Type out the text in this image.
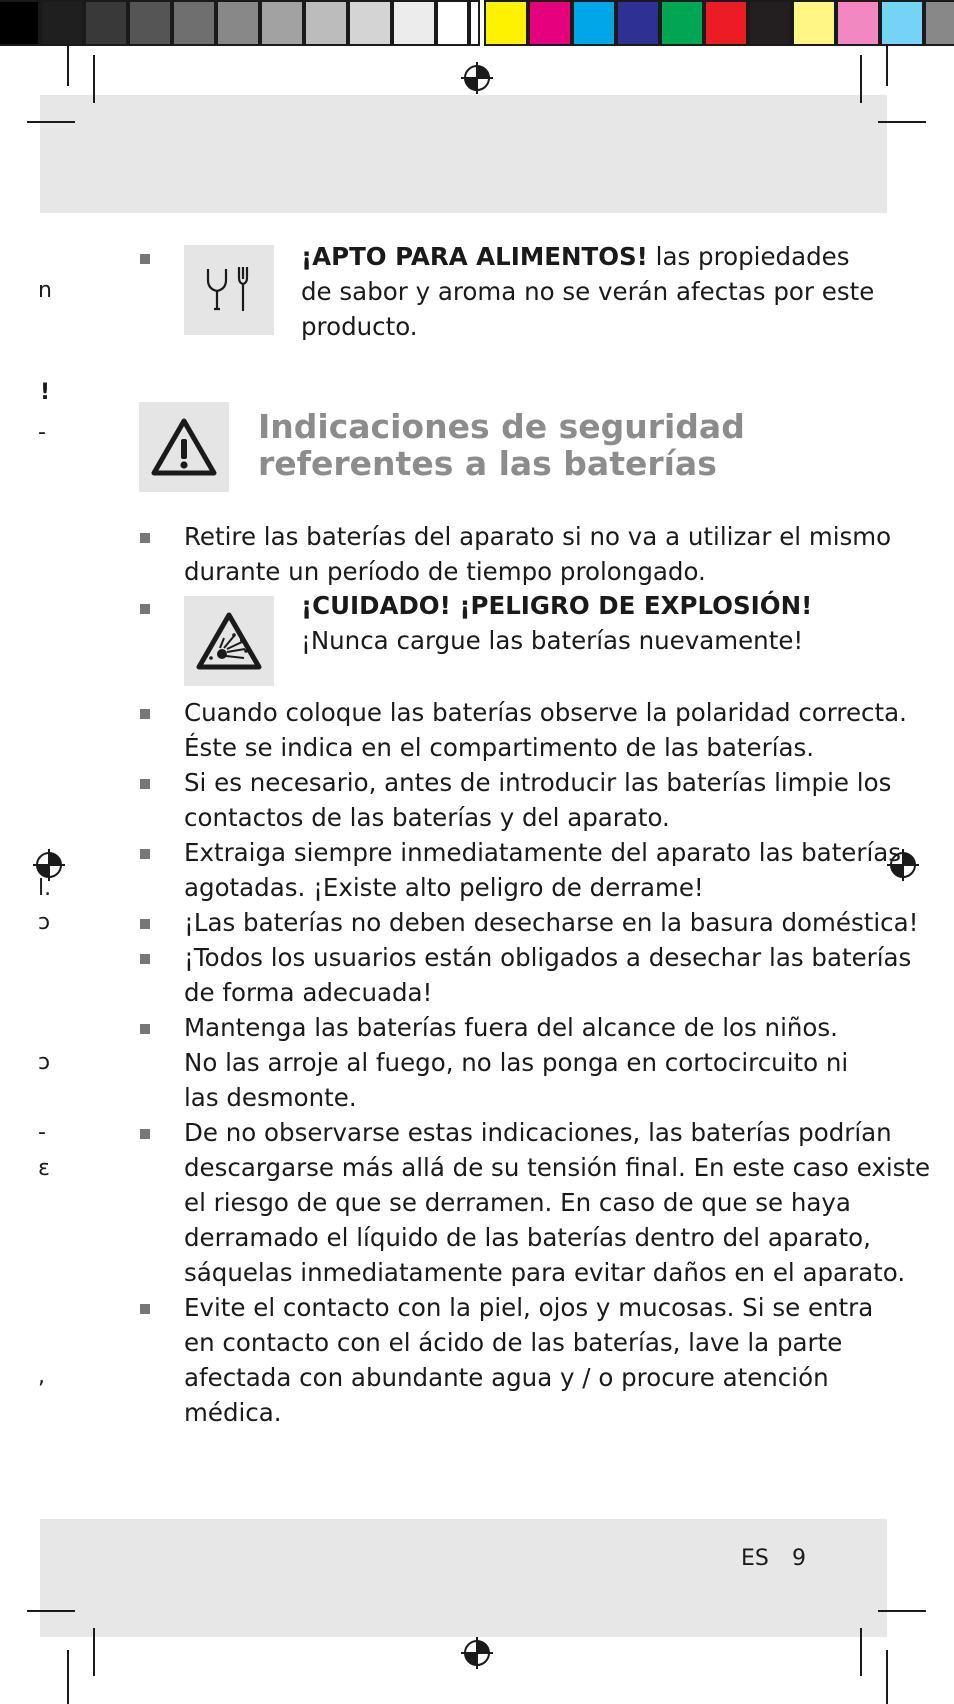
n
!
-
l.
ɔ
ɔ
-
ɛ
,
¡APTO PARA ALIMENTOS! las propiedades
de sabor y aroma no se verán afectas por este
producto.
Indicaciones de seguridad
referentes a las baterías
Retire las baterías del aparato si no va a utilizar el mismo
durante un período de tiempo prolongado.
¡CUIDADO! ¡PELIGRO DE EXPLOSIÓN!
¡Nunca cargue las baterías nuevamente!
Cuando coloque las baterías observe la polaridad correcta.
Éste se indica en el compartimento de las baterías.
Si es necesario, antes de introducir las baterías limpie los
contactos de las baterías y del aparato.
Extraiga siempre inmediatamente del aparato las baterías
agotadas. ¡Existe alto peligro de derrame!
¡Las baterías no deben desecharse en la basura doméstica!
¡Todos los usuarios están obligados a desechar las baterías
de forma adecuada!
Mantenga las baterías fuera del alcance de los niños.
No las arroje al fuego, no las ponga en cortocircuito ni
las desmonte.
De no observarse estas indicaciones, las baterías podrían
descargarse más allá de su tensión final. En este caso existe
el riesgo de que se derramen. En caso de que se haya
derramado el líquido de las baterías dentro del aparato,
sáquelas inmediatamente para evitar daños en el aparato.
Evite el contacto con la piel, ojos y mucosas. Si se entra
en contacto con el ácido de las baterías, lave la parte
afectada con abundante agua y / o procure atención
médica.
ES 9
